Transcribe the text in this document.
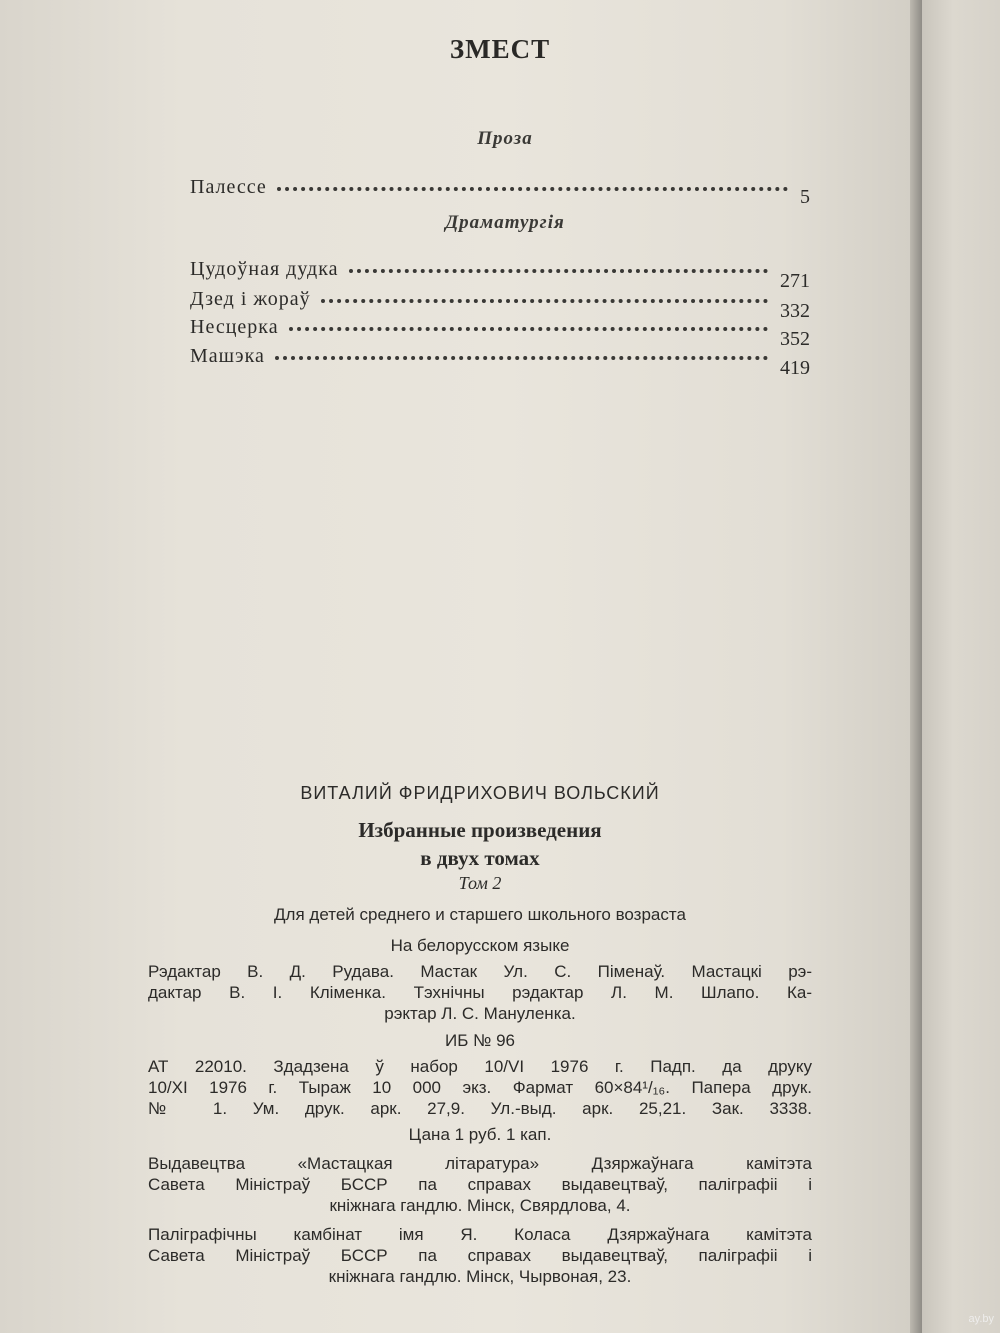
ЗМЕСТ
Проза
Палессе	5
Драматургія
Цудоўная дудка
271
Дзед і жораў
332
Несцерка
352
Машэка
419
ВИТАЛИЙ ФРИДРИХОВИЧ ВОЛЬСКИЙ
Избранные произведения
в двух томах
Том 2
Для детей среднего и старшего школьного возраста
На белорусском языке
Рэдактар В. Д. Рудава. Мастак Ул. С. Піменаў. Мастацкі рэ-
дактар В. І. Кліменка. Тэхнічны рэдактар Л. М. Шлапо. Ка-
рэктар Л. С. Мануленка.
ИБ № 96
АТ 22010. Здадзена ў набор 10/VI 1976 г. Падп. да друку
10/XI 1976 г. Тыраж 10 000 экз. Фармат 60×84¹/₁₆. Папера друк.
№ 1. Ум. друк. арк. 27,9. Ул.-выд. арк. 25,21. Зак. 3338.
Цана 1 руб. 1 кап.
Выдавецтва «Мастацкая літаратура» Дзяржаўнага камітэта
Савета Міністраў БССР па справах выдавецтваў, паліграфіі і
кніжнага гандлю. Мінск, Свярдлова, 4.
Паліграфічны камбінат імя Я. Коласа Дзяржаўнага камітэта
Савета Міністраў БССР па справах выдавецтваў, паліграфіі і
кніжнага гандлю. Мінск, Чырвоная, 23.
ay.by
